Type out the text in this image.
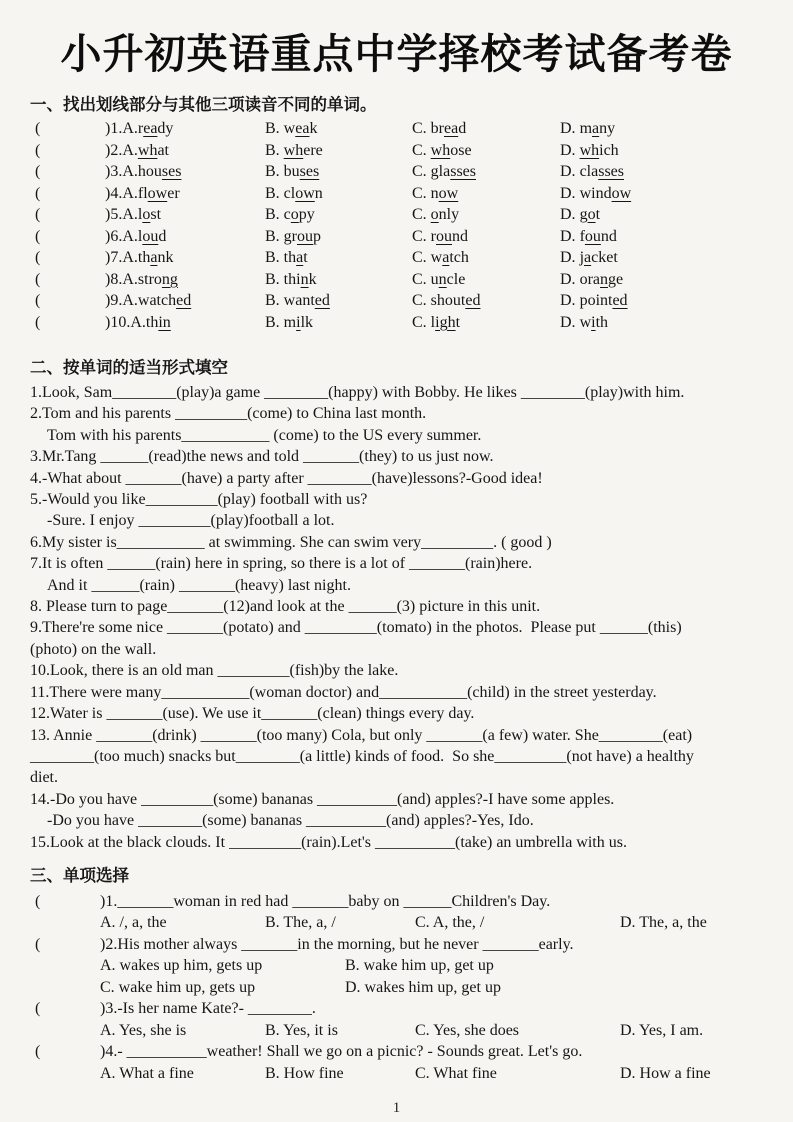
小升初英语重点中学择校考试备考卷
一、找出划线部分与其他三项读音不同的单词。
(	)1.A.ready	B. weak	C. bread	D. many
(	)2.A.what	B. where	C. whose	D. which
(	)3.A.houses	B. buses	C. glasses	D. classes
(	)4.A.flower	B. clown	C. now	D. window
(	)5.A.lost	B. copy	C. only	D. got
(	)6.A.loud	B. group	C. round	D. found
(	)7.A.thank	B. that	C. watch	D. jacket
(	)8.A.strong	B. think	C. uncle	D. orange
(	)9.A.watched	B. wanted	C. shouted	D. pointed
(	)10.A.thin	B. milk	C. light	D. with
二、按单词的适当形式填空
1.Look, Sam________(play)a game ________(happy) with Bobby. He likes ________(play)with him.
2.Tom and his parents _________(come) to China last month.
Tom with his parents___________ (come) to the US every summer.
3.Mr.Tang ______(read)the news and told _______(they) to us just now.
4.-What about _______(have) a party after ________(have)lessons?-Good idea!
5.-Would you like_________(play) football with us?
-Sure. I enjoy _________(play)football a lot.
6.My sister is___________ at swimming. She can swim very_________. ( good )
7.It is often ______(rain) here in spring, so there is a lot of _______(rain)here.
And it ______(rain) _______(heavy) last night.
8. Please turn to page_______(12)and look at the ______(3) picture in this unit.
9.There're some nice _______(potato) and _________(tomato) in the photos.  Please put ______(this)
(photo) on the wall.
10.Look, there is an old man _________(fish)by the lake.
11.There were many___________(woman doctor) and___________(child) in the street yesterday.
12.Water is _______(use). We use it_______(clean) things every day.
13. Annie _______(drink) _______(too many) Cola, but only _______(a few) water. She________(eat)
________(too much) snacks but________(a little) kinds of food.  So she_________(not have) a healthy
diet.
14.-Do you have _________(some) bananas __________(and) apples?-I have some apples.
-Do you have ________(some) bananas __________(and) apples?-Yes, Ido.
15.Look at the black clouds. It _________(rain).Let's __________(take) an umbrella with us.
三、单项选择
(	)1._______woman in red had _______baby on ______Children's Day.
A. /, a, the	B. The, a, /	C. A, the, /	D. The, a, the
(	)2.His mother always _______in the morning, but he never _______early.
A. wakes up him, gets up	B. wake him up, get up
C. wake him up, gets up	D. wakes him up, get up
(	)3.-Is her name Kate?- ________.
A. Yes, she is	B. Yes, it is	C. Yes, she does	D. Yes, I am.
(	)4.- __________weather! Shall we go on a picnic? - Sounds great. Let's go.
A. What a fine	B. How fine	C. What fine	D. How a fine
1
